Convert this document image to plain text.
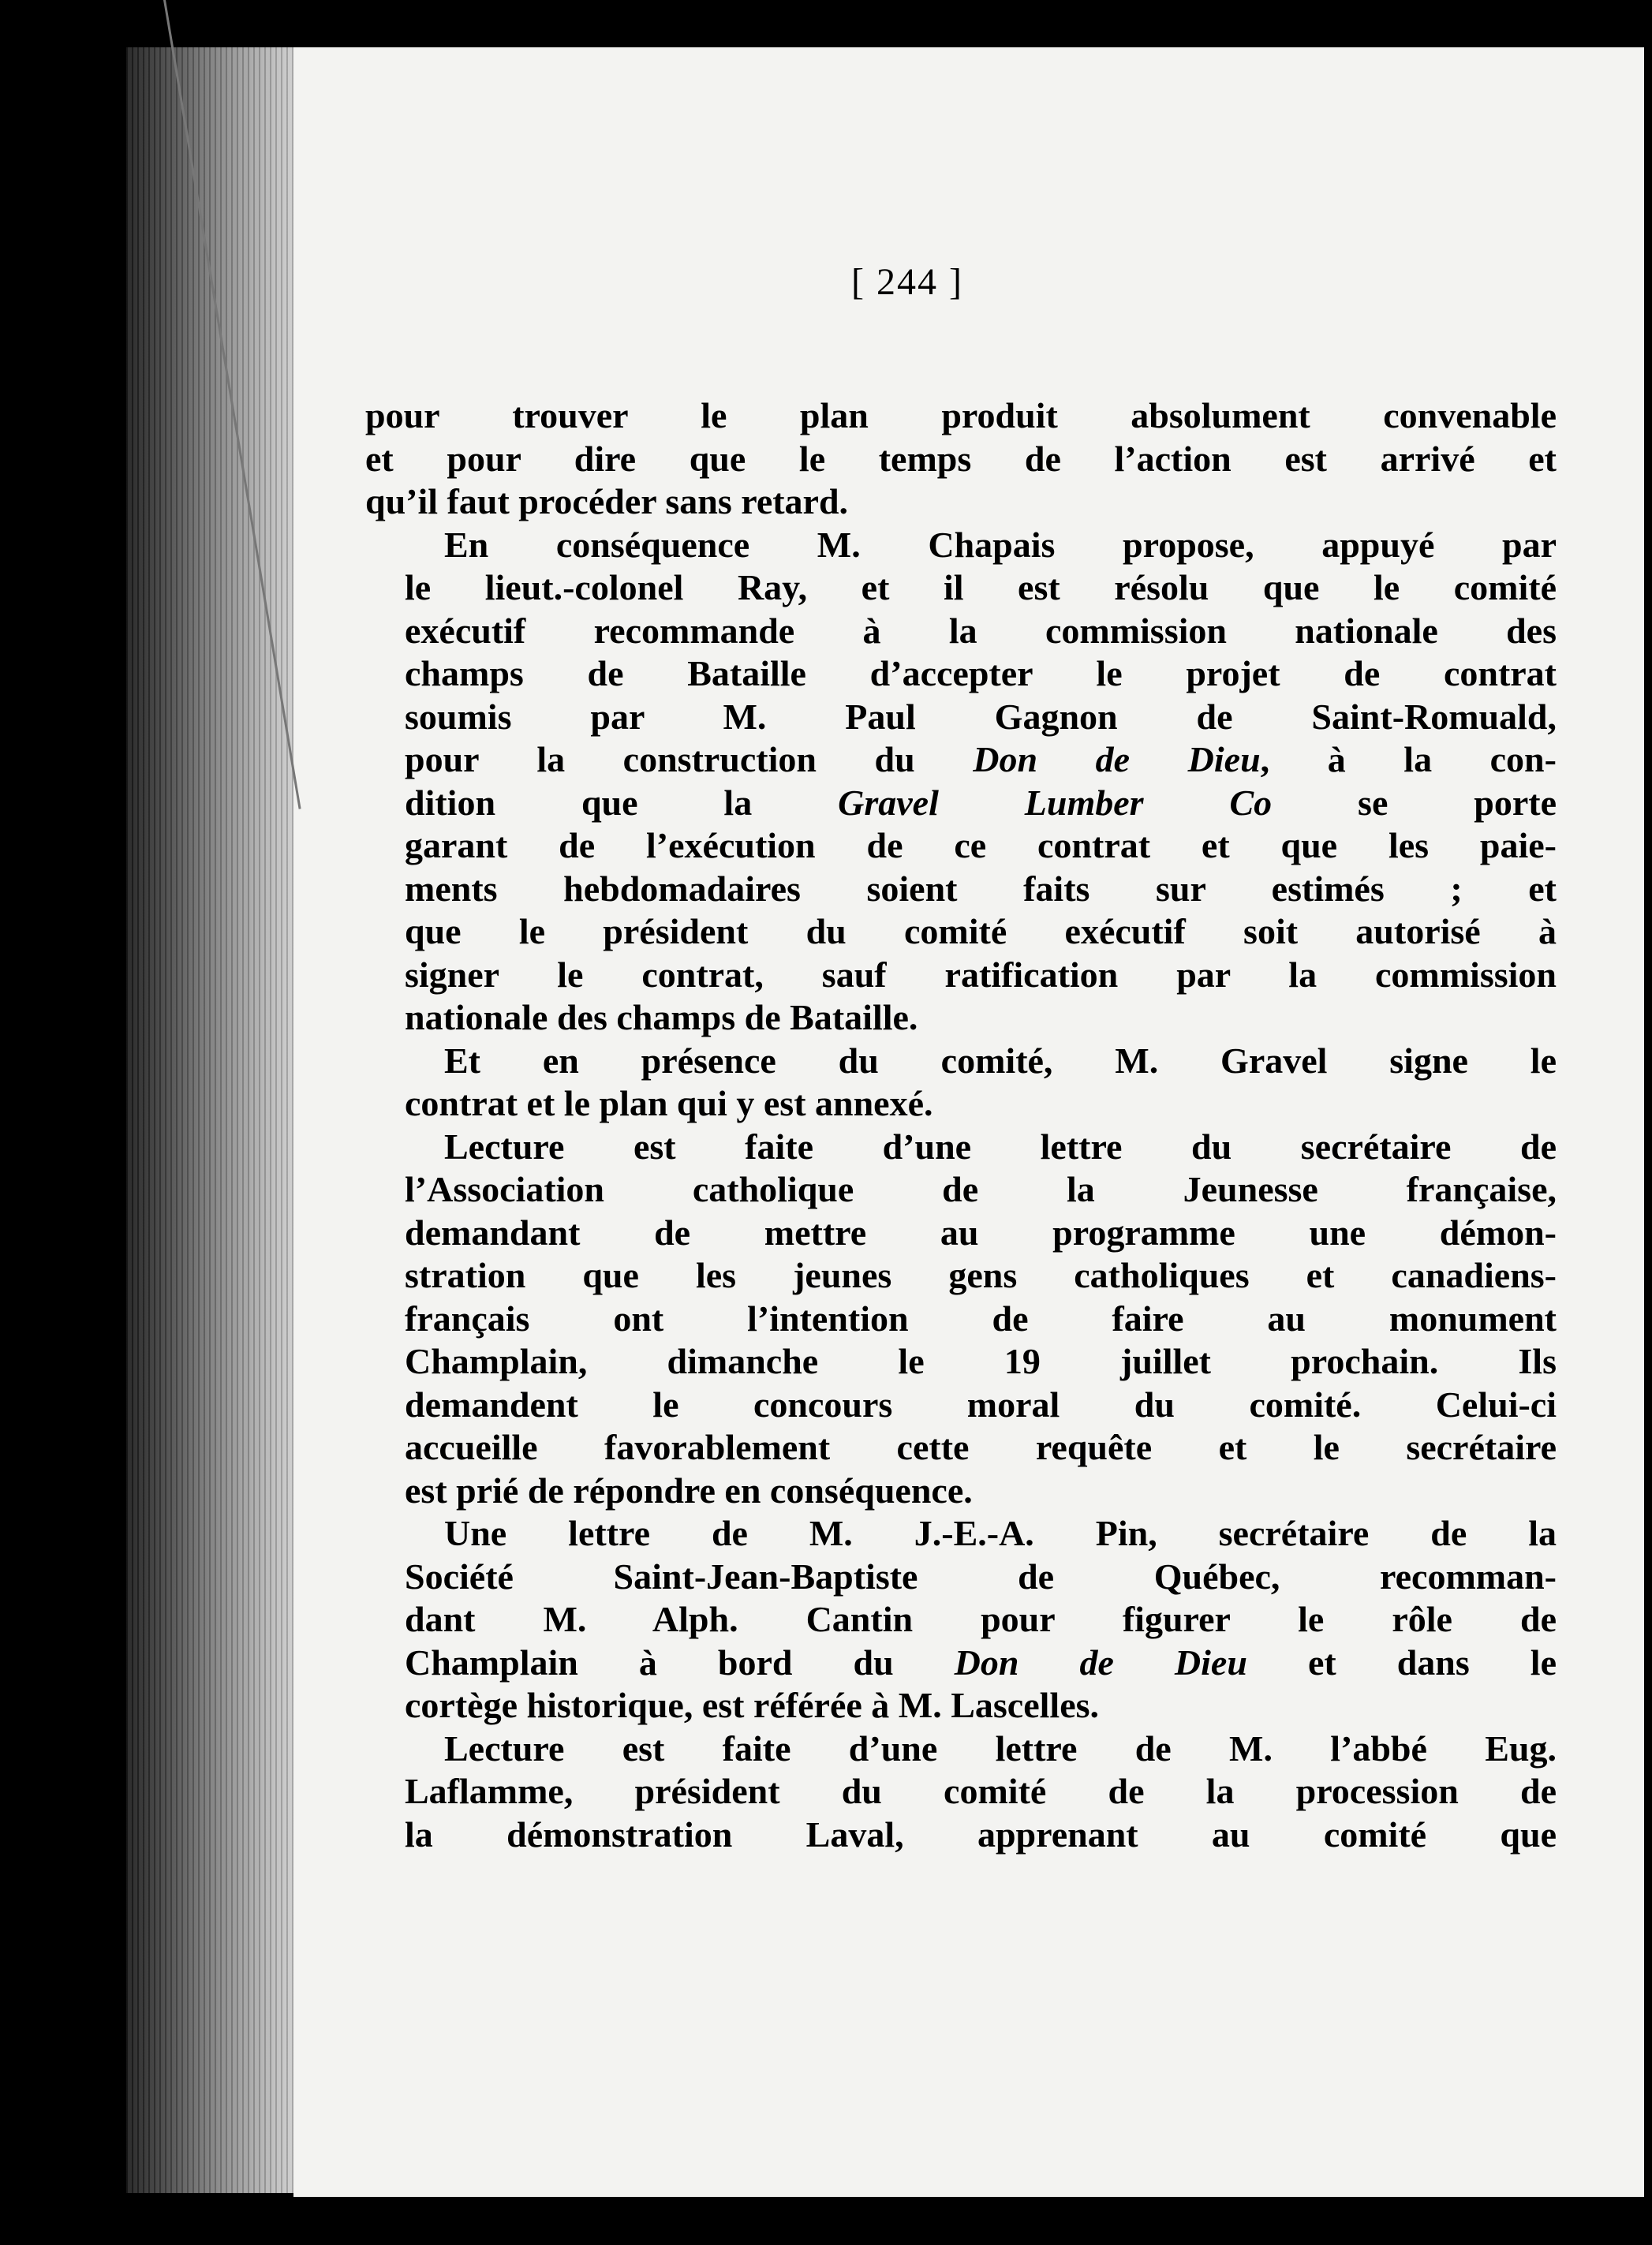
[ 244 ]

pour trouver le plan produit absolument convenable
et pour dire que le temps de l’action est arrivé et
qu’il faut procéder sans retard.

En conséquence M. Chapais propose, appuyé par
le lieut.-colonel Ray, et il est résolu que le comité
exécutif recommande à la commission nationale des
champs de Bataille d’accepter le projet de contrat
soumis par M. Paul Gagnon de Saint-Romuald,
pour la construction du Don de Dieu, à la con-
dition que la Gravel Lumber Co se porte
garant de l’exécution de ce contrat et que les paie-
ments hebdomadaires soient faits sur estimés ; et
que le président du comité exécutif soit autorisé à
signer le contrat, sauf ratification par la commission
nationale des champs de Bataille.

Et en présence du comité, M. Gravel signe le
contrat et le plan qui y est annexé.

Lecture est faite d’une lettre du secrétaire de
l’Association catholique de la Jeunesse française,
demandant de mettre au programme une démon-
stration que les jeunes gens catholiques et canadiens-
français ont l’intention de faire au monument
Champlain, dimanche le 19 juillet prochain. Ils
demandent le concours moral du comité. Celui-ci
accueille favorablement cette requête et le secrétaire
est prié de répondre en conséquence.

Une lettre de M. J.-E.-A. Pin, secrétaire de la
Société Saint-Jean-Baptiste de Québec, recomman-
dant M. Alph. Cantin pour figurer le rôle de
Champlain à bord du Don de Dieu et dans le
cortège historique, est référée à M. Lascelles.

Lecture est faite d’une lettre de M. l’abbé Eug.
Laflamme, président du comité de la procession de
la démonstration Laval, apprenant au comité que
